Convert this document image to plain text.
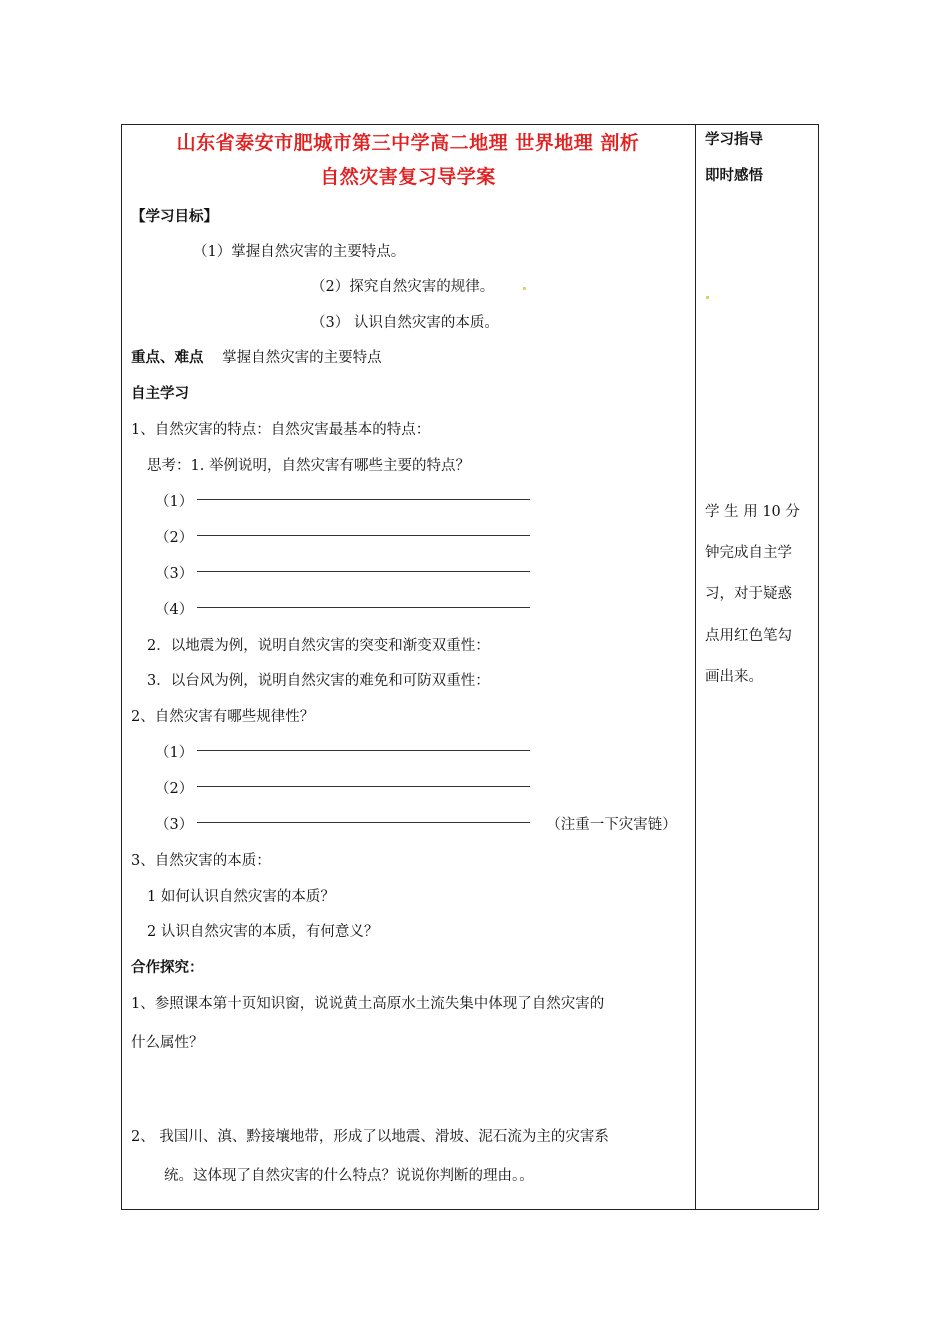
山东省泰安市肥城市第三中学高二地理 世界地理 剖析
自然灾害复习导学案
【学习目标】
（1）掌握自然灾害的主要特点。
（2）探究自然灾害的规律。
（3） 认识自然灾害的本质。
重点、难点 掌握自然灾害的主要特点
自主学习
1、自然灾害的特点：自然灾害最基本的特点：
思考：1. 举例说明，自然灾害有哪些主要的特点？
（1）
（2）
（3）
（4）
2．以地震为例，说明自然灾害的突变和渐变双重性：
3．以台风为例，说明自然灾害的难免和可防双重性：
2、自然灾害有哪些规律性？
（1）
（2）
（3）	（注重一下灾害链）
3、自然灾害的本质：
1 如何认识自然灾害的本质？
2 认识自然灾害的本质，有何意义？
合作探究：
1、参照课本第十页知识窗，说说黄土高原水土流失集中体现了自然灾害的
什么属性？
2、 我国川、滇、黔接壤地带，形成了以地震、滑坡、泥石流为主的灾害系
统。这体现了自然灾害的什么特点？说说你判断的理由。。
学习指导
即时感悟
学 生 用 10 分
钟完成自主学
习，对于疑惑
点用红色笔勾
画出来。
